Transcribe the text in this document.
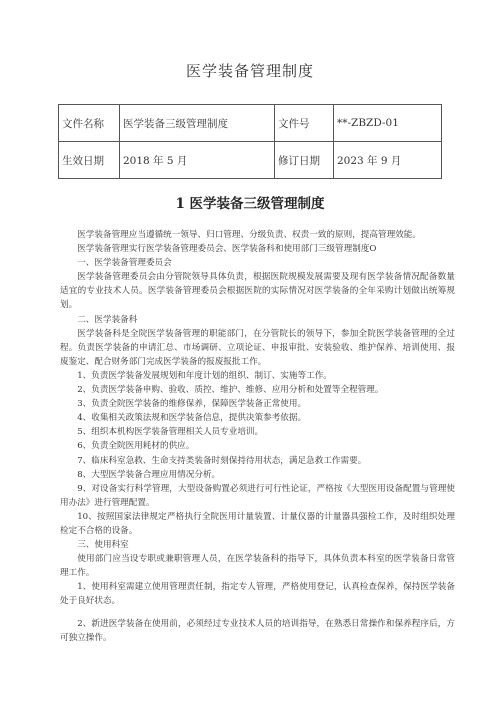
医学装备管理制度
文件名称	医学装备三级管理制度	文件号	**-ZBZD-01
生效日期	2018 年 5 月	修订日期	2023 年 9 月
1 医学装备三级管理制度

医学装备管理应当遵循统一领导、归口管理、分级负责、权责一致的原则，提高管理效能。

医学装备管理实行医学装备管理委员会、医学装备科和使用部门三级管理制度O

一、医学装备管理委员会

医学装备管理委员会由分管院领导具体负责，根据医院规模发展需要及现有医学装备情况配备数量适宜的专业技术人员。医学装备管理委员会根据医院的实际情况对医学装备的全年采购计划做出统筹规划。

二、医学装备科

医学装备科是全院医学装备管理的职能部门，在分管院长的领导下，参加全院医学装备管理的全过程。负责医学装备的申请汇总、市场调研、立项论证、申报审批、安装验收、维护保养、培训使用、报废鉴定、配合财务部门完成医学装备的报废报批工作。

1、负责医学装备发展规划和年度计划的组织、制订、实施等工作。

2、负责医学装备申购、验收、质控、维护、维修、应用分析和处置等全程管理。

3、负责全院医学装备的维修保养，保障医学装备正常使用。

4、收集相关政策法规和医学装备信息，提供决策参考依据。

5、组织本机构医学装备管理相关人员专业培训。

6、负责全院医用耗材的供应。

7、临床科室急救、生命支持类装备时刻保持待用状态，满足急救工作需要。

8、大型医学装备合理应用情况分析。

9、对设备实行科学管理，大型设备购置必须进行可行性论证，严格按《大型医用设备配置与管理使用办法》进行管理配置。

10、按照国家法律规定严格执行全院医用计量装置、计量仪器的计量器具强检工作，及时组织处理检定不合格的设备。

三、使用科室

使用部门应当设专职或兼职管理人员，在医学装备科的指导下，具体负责本科室的医学装备日常管理工作。

1、使用科室需建立使用管理责任制，指定专人管理，严格使用登记，认真检查保养，保持医学装备处于良好状态。

2、新进医学装备在使用前，必须经过专业技术人员的培训指导，在熟悉日常操作和保养程序后，方可独立操作。
